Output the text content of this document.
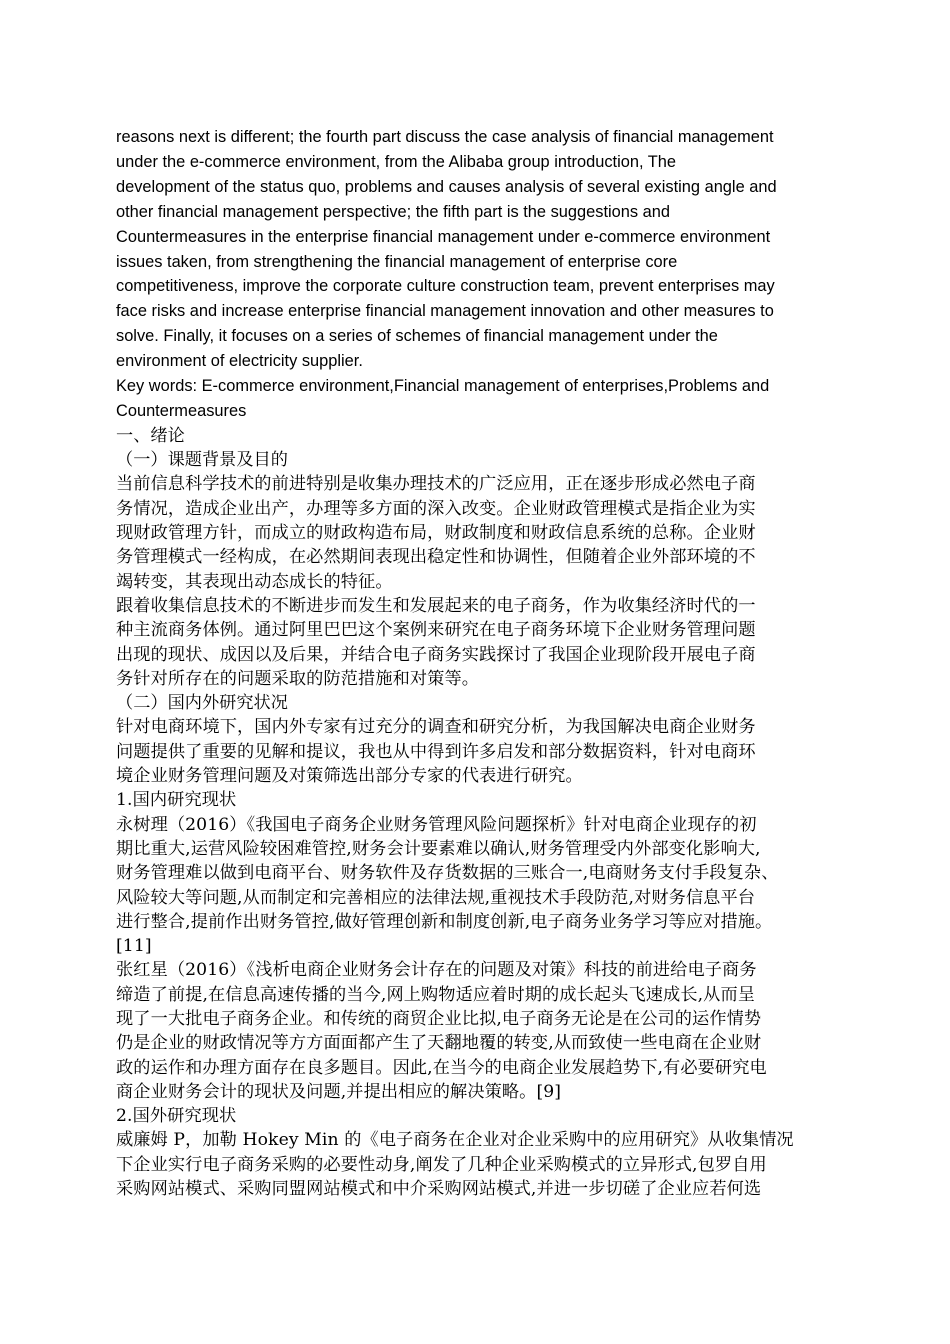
reasons next is different; the fourth part discuss the case analysis of financial management
under the e-commerce environment, from the Alibaba group introduction, The
development of the status quo, problems and causes analysis of several existing angle and
other financial management perspective; the fifth part is the suggestions and
Countermeasures in the enterprise financial management under e-commerce environment
issues taken, from strengthening the financial management of enterprise core
competitiveness, improve the corporate culture construction team, prevent enterprises may
face risks and increase enterprise financial management innovation and other measures to
solve. Finally, it focuses on a series of schemes of financial management under the
environment of electricity supplier.

Key words: E-commerce environment,Financial management of enterprises,Problems and
Countermeasures

一、绪论

（一）课题背景及目的

当前信息科学技术的前进特别是收集办理技术的广泛应用，正在逐步形成必然电子商
务情况，造成企业出产，办理等多方面的深入改变。企业财政管理模式是指企业为实
现财政管理方针，而成立的财政构造布局，财政制度和财政信息系统的总称。企业财
务管理模式一经构成，在必然期间表现出稳定性和协调性，但随着企业外部环境的不
竭转变，其表现出动态成长的特征。

跟着收集信息技术的不断进步而发生和发展起来的电子商务，作为收集经济时代的一
种主流商务体例。通过阿里巴巴这个案例来研究在电子商务环境下企业财务管理问题
出现的现状、成因以及后果，并结合电子商务实践探讨了我国企业现阶段开展电子商
务针对所存在的问题采取的防范措施和对策等。

（二）国内外研究状况

针对电商环境下，国内外专家有过充分的调查和研究分析，为我国解决电商企业财务
问题提供了重要的见解和提议，我也从中得到许多启发和部分数据资料，针对电商环
境企业财务管理问题及对策筛选出部分专家的代表进行研究。

1.国内研究现状

永树理（2016）《我国电子商务企业财务管理风险问题探析》针对电商企业现存的初
期比重大,运营风险较困难管控,财务会计要素难以确认,财务管理受内外部变化影响大,
财务管理难以做到电商平台、财务软件及存货数据的三账合一,电商财务支付手段复杂、
风险较大等问题,从而制定和完善相应的法律法规,重视技术手段防范,对财务信息平台
进行整合,提前作出财务管控,做好管理创新和制度创新,电子商务业务学习等应对措施。
[11]

张红星（2016）《浅析电商企业财务会计存在的问题及对策》科技的前进给电子商务
缔造了前提,在信息高速传播的当今,网上购物适应着时期的成长起头飞速成长,从而呈
现了一大批电子商务企业。和传统的商贸企业比拟,电子商务无论是在公司的运作情势
仍是企业的财政情况等方方面面都产生了天翻地覆的转变,从而致使一些电商在企业财
政的运作和办理方面存在良多题目。因此,在当今的电商企业发展趋势下,有必要研究电
商企业财务会计的现状及问题,并提出相应的解决策略。[9]

2.国外研究现状

威廉姆 P，加勒 Hokey Min 的《电子商务在企业对企业采购中的应用研究》从收集情况
下企业实行电子商务采购的必要性动身,阐发了几种企业采购模式的立异形式,包罗自用
采购网站模式、采购同盟网站模式和中介采购网站模式,并进一步切磋了企业应若何选
